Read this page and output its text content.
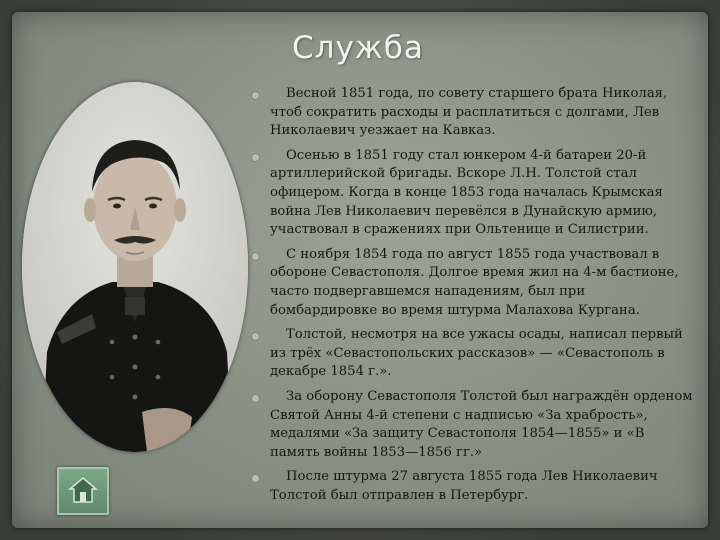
Служба
Весной 1851 года, по совету старшего брата Николая, чтоб сократить расходы и расплатиться с долгами, Лев Николаевич уезжает на Кавказ.
Осенью в 1851 году стал юнкером 4-й батареи 20-й артиллерийской бригады. Вскоре Л.Н. Толстой стал офицером. Когда в конце 1853 года началась Крымская война Лев Николаевич перевёлся в Дунайскую армию, участвовал в сражениях при Ольтенице и Силистрии.
С ноября 1854 года по август 1855 года участвовал в обороне Севастополя. Долгое время жил на 4-м бастионе, часто подвергавшемся нападениям, был при бомбардировке во время штурма Малахова Кургана.
Толстой, несмотря на все ужасы осады, написал первый из трёх «Севастопольских рассказов» — «Севастополь в декабре 1854 г.».
За оборону Севастополя Толстой был награждён орденом Святой Анны 4-й степени с надписью «За храбрость», медалями «За защиту Севастополя 1854—1855» и «В память войны 1853—1856 гг.»
После штурма 27 августа 1855 года Лев Николаевич Толстой был отправлен в Петербург.
